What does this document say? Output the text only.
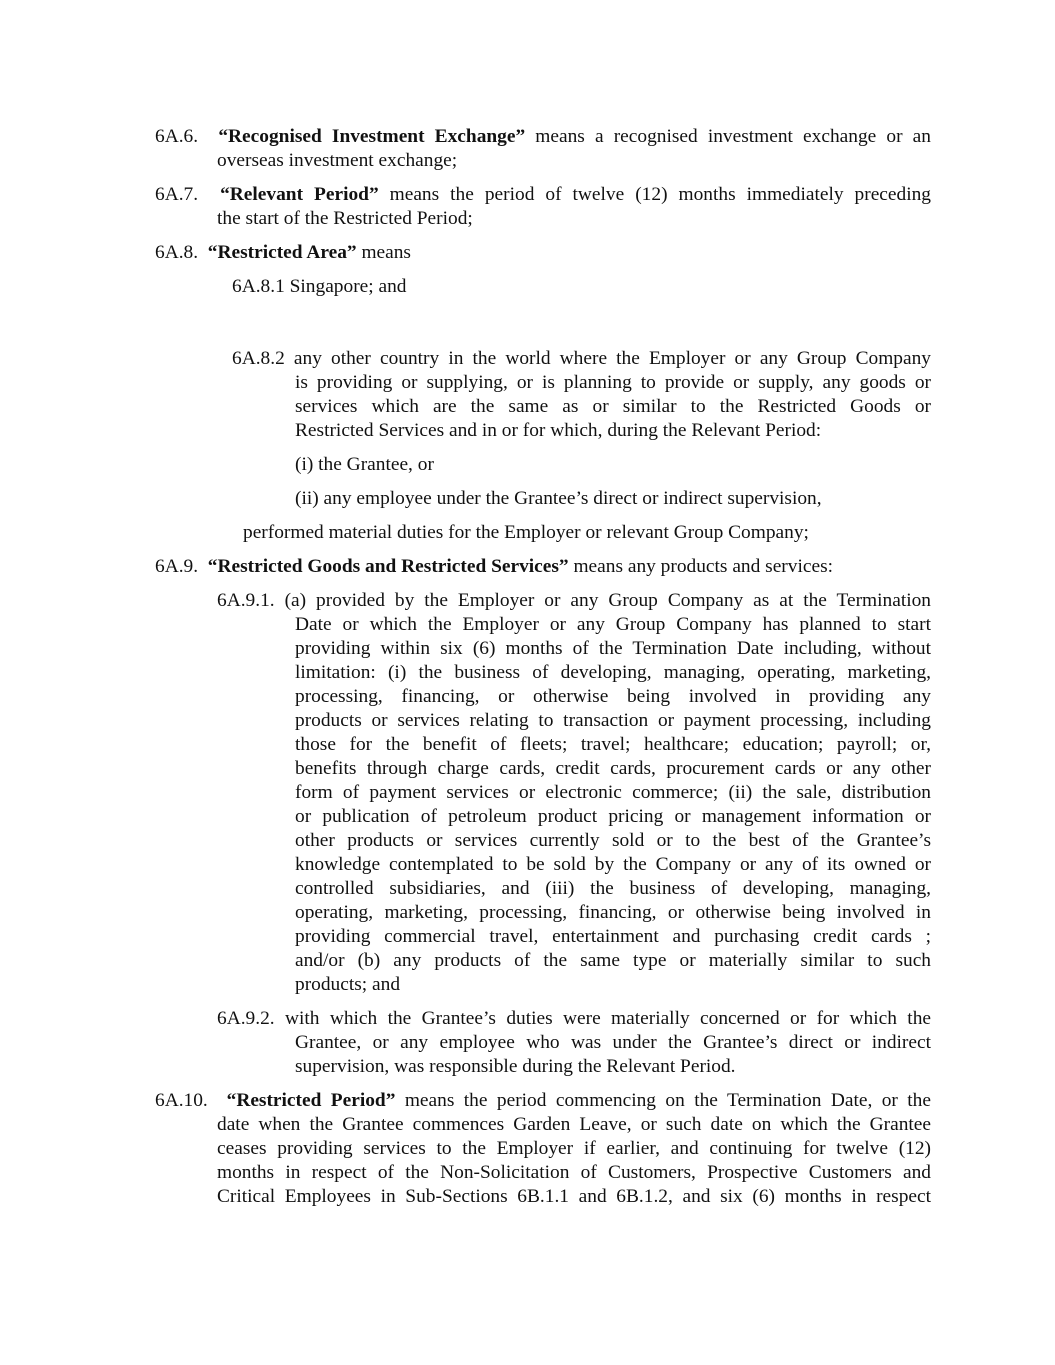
6A.6. “Recognised Investment Exchange” means a recognised investment exchange or an
overseas investment exchange;
6A.7. “Relevant Period” means the period of twelve (12) months immediately preceding
the start of the Restricted Period;
6A.8. “Restricted Area” means
6A.8.1 Singapore; and
6A.8.2 any other country in the world where the Employer or any Group Company
is providing or supplying, or is planning to provide or supply, any goods or
services which are the same as or similar to the Restricted Goods or
Restricted Services and in or for which, during the Relevant Period:
(i) the Grantee, or
(ii) any employee under the Grantee’s direct or indirect supervision,
performed material duties for the Employer or relevant Group Company;
6A.9. “Restricted Goods and Restricted Services” means any products and services:
6A.9.1. (a) provided by the Employer or any Group Company as at the Termination
Date or which the Employer or any Group Company has planned to start
providing within six (6) months of the Termination Date including, without
limitation: (i) the business of developing, managing, operating, marketing,
processing, financing, or otherwise being involved in providing any
products or services relating to transaction or payment processing, including
those for the benefit of fleets; travel; healthcare; education; payroll; or,
benefits through charge cards, credit cards, procurement cards or any other
form of payment services or electronic commerce; (ii) the sale, distribution
or publication of petroleum product pricing or management information or
other products or services currently sold or to the best of the Grantee’s
knowledge contemplated to be sold by the Company or any of its owned or
controlled subsidiaries, and (iii) the business of developing, managing,
operating, marketing, processing, financing, or otherwise being involved in
providing commercial travel, entertainment and purchasing credit cards ;
and/or (b) any products of the same type or materially similar to such
products; and
6A.9.2. with which the Grantee’s duties were materially concerned or for which the
Grantee, or any employee who was under the Grantee’s direct or indirect
supervision, was responsible during the Relevant Period.
6A.10. “Restricted Period” means the period commencing on the Termination Date, or the
date when the Grantee commences Garden Leave, or such date on which the Grantee
ceases providing services to the Employer if earlier, and continuing for twelve (12)
months in respect of the Non-Solicitation of Customers, Prospective Customers and
Critical Employees in Sub-Sections 6B.1.1 and 6B.1.2, and six (6) months in respect
